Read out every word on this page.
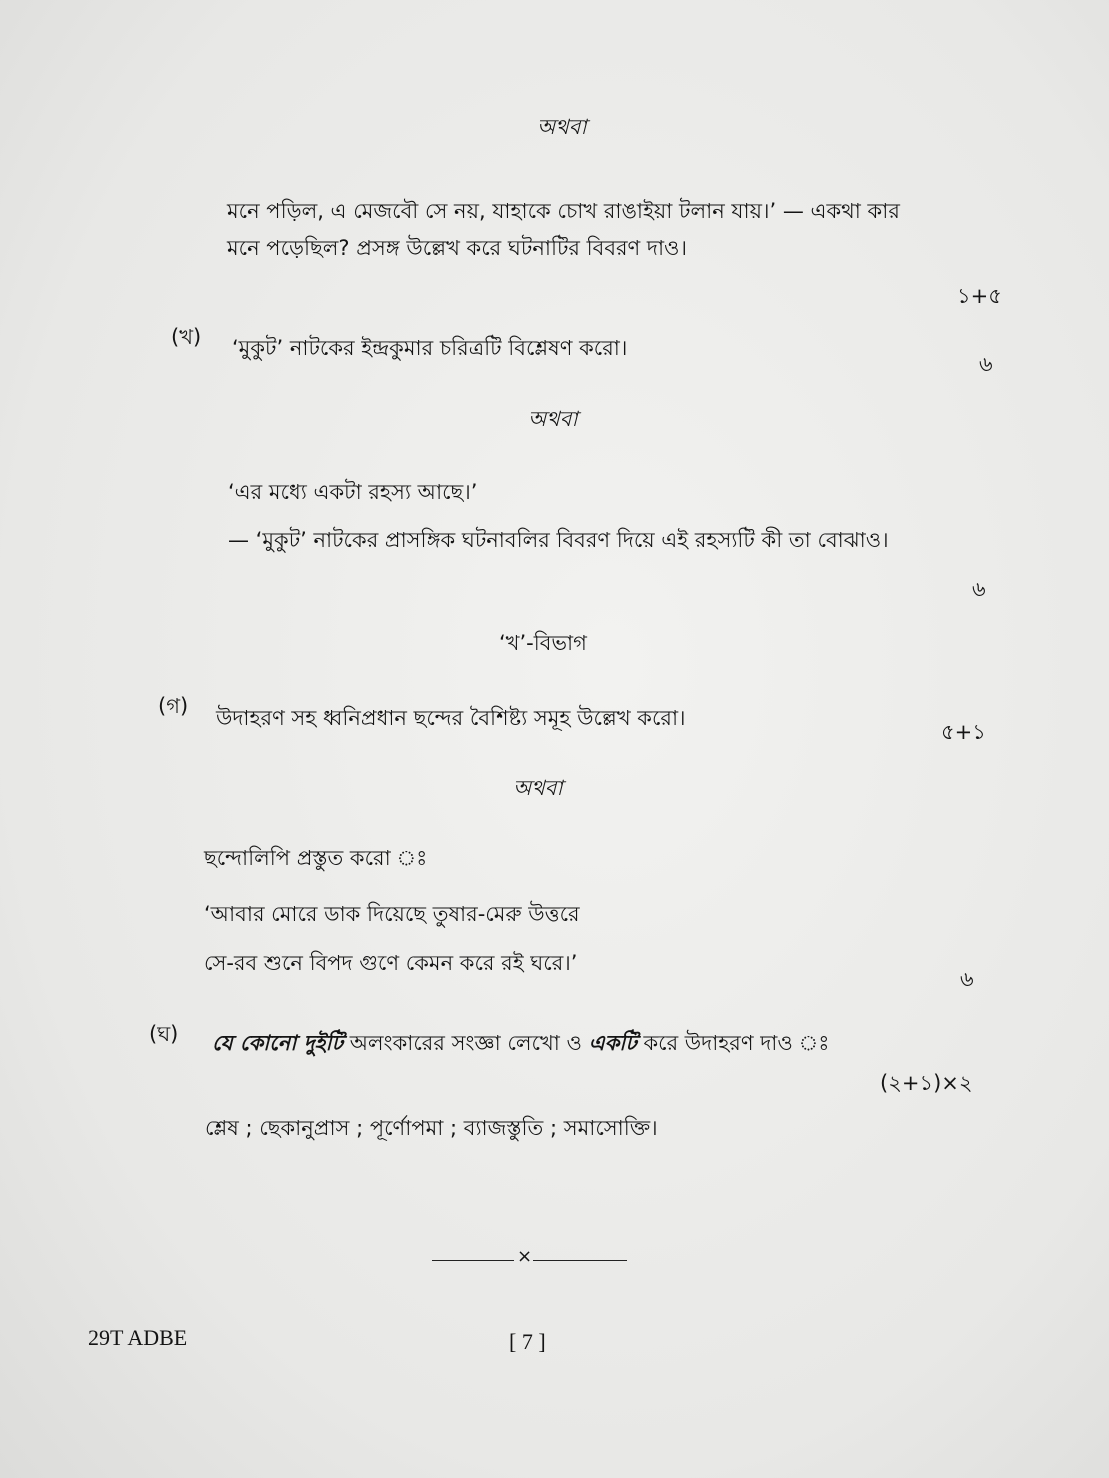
অথবা
মনে পড়িল, এ মেজবৌ সে নয়, যাহাকে চোখ রাঙাইয়া টলান যায়।’ — একথা কার
মনে পড়েছিল? প্রসঙ্গ উল্লেখ করে ঘটনাটির বিবরণ দাও।
১+৫
(খ) ‘মুকুট’ নাটকের ইন্দ্রকুমার চরিত্রটি বিশ্লেষণ করো।
৬
অথবা
‘এর মধ্যে একটা রহস্য আছে।’
— ‘মুকুট’ নাটকের প্রাসঙ্গিক ঘটনাবলির বিবরণ দিয়ে এই রহস্যটি কী তা বোঝাও।
৬
‘খ’-বিভাগ
(গ) উদাহরণ সহ ধ্বনিপ্রধান ছন্দের বৈশিষ্ট্য সমূহ উল্লেখ করো।
৫+১
অথবা
ছন্দোলিপি প্রস্তুত করো ঃ
‘আবার মোরে ডাক দিয়েছে তুষার-মেরু উত্তরে
সে-রব শুনে বিপদ গুণে কেমন করে রই ঘরে।’
৬
(ঘ) যে কোনো দুইটি অলংকারের সংজ্ঞা লেখো ও একটি করে উদাহরণ দাও ঃ
(২+১)×২
শ্লেষ ; ছেকানুপ্রাস ; পূর্ণোপমা ; ব্যাজস্তুতি ; সমাসোক্তি।
×
29T ADBE	[ 7 ]
